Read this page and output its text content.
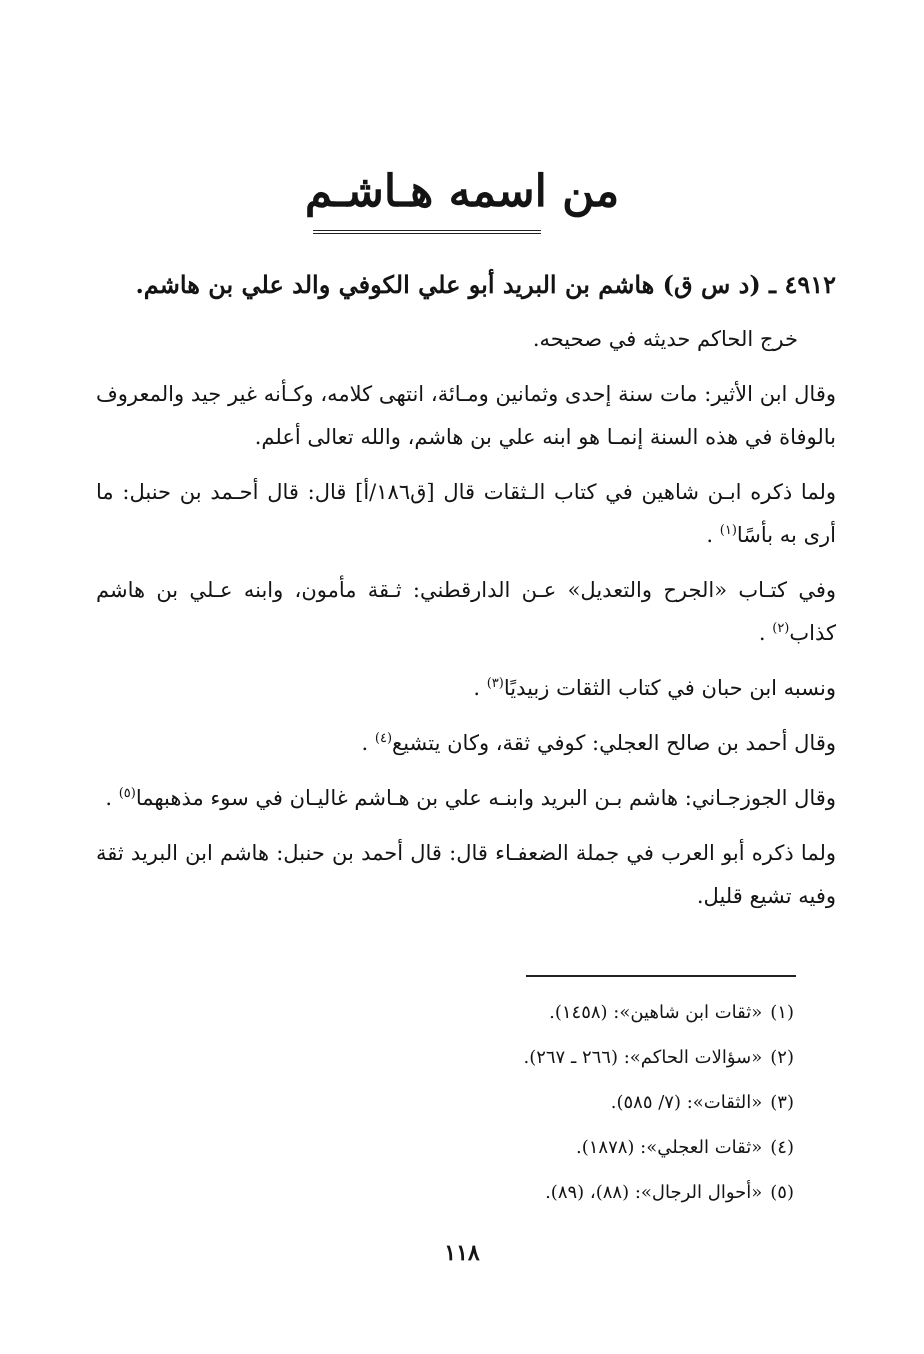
من اسمه هـاشـم
٤٩١٢ ـ (د س ق) هاشم بن البريد أبو علي الكوفي والد علي بن هاشم.

خرج الحاكم حديثه في صحيحه.

وقال ابن الأثير: مات سنة إحدى وثمانين ومـائة، انتهى كلامه، وكـأنه غير جيد والمعروف بالوفاة في هذه السنة إنمـا هو ابنه علي بن هاشم، والله تعالى أعلم.

ولما ذكره ابـن شاهين في كتاب الـثقات قال [ق١٨٦/أ] قال: قال أحـمد بن حنبل: ما أرى به بأسًا$^{(١)}$ .

وفي كتـاب «الجرح والتعديل» عـن الدارقطني: ثـقة مأمون، وابنه عـلي بن هاشم كذاب$^{(٢)}$ .

ونسبه ابن حبان في كتاب الثقات زبيديًا$^{(٣)}$ .

وقال أحمد بن صالح العجلي: كوفي ثقة، وكان يتشيع$^{(٤)}$ .

وقال الجوزجـاني: هاشم بـن البريد وابنـه علي بن هـاشم غاليـان في سوء مذهبهما$^{(٥)}$ .

ولما ذكره أبو العرب في جملة الضعفـاء قال: قال أحمد بن حنبل: هاشم ابن البريد ثقة وفيه تشيع قليل.

(١)«ثقات ابن شاهين»: (١٤٥٨).
(٢)«سؤالات الحاكم»: (٢٦٦ ـ ٢٦٧).
(٣)«الثقات»: (٧/ ٥٨٥).
(٤)«ثقات العجلي»: (١٨٧٨).
(٥)«أحوال الرجال»: (٨٨)، (٨٩).
١١٨
